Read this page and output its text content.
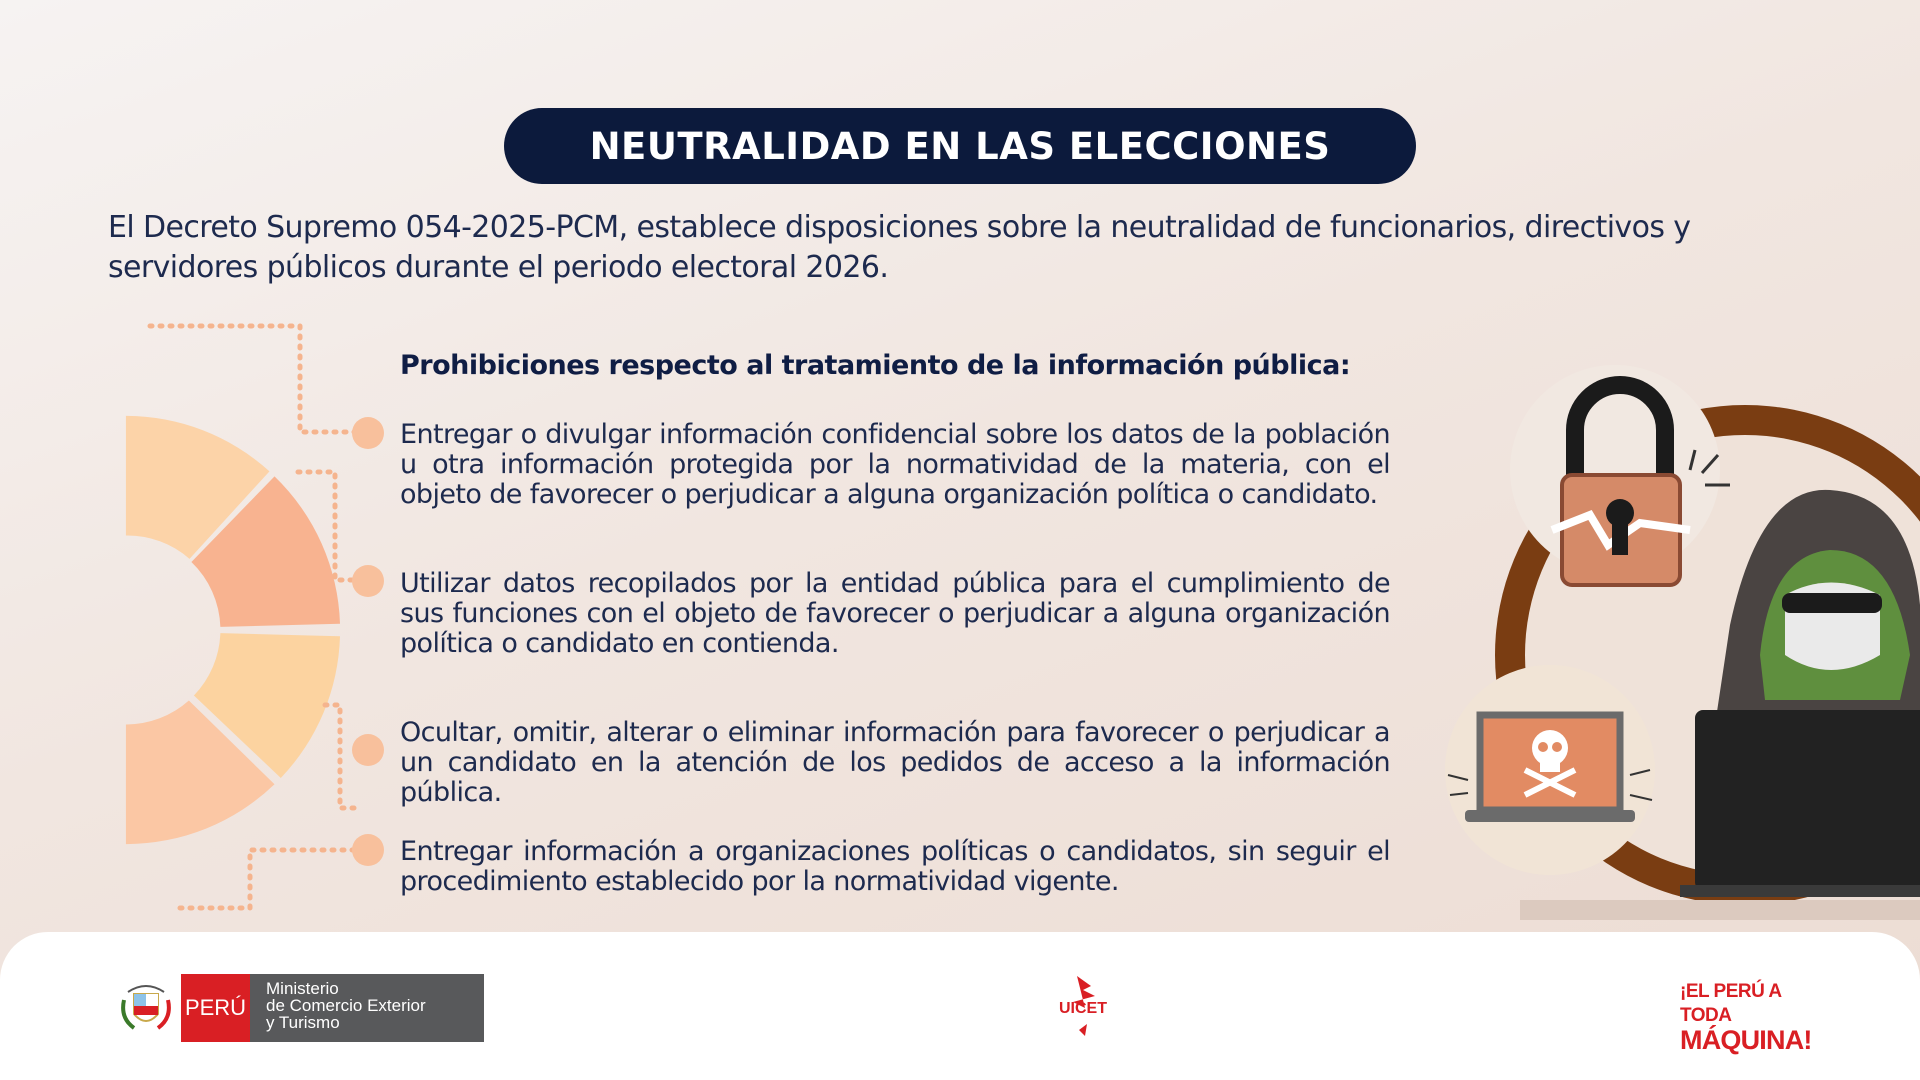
NEUTRALIDAD EN LAS ELECCIONES

El Decreto Supremo 054-2025-PCM, establece disposiciones sobre la neutralidad de funcionarios, directivos y
servidores públicos durante el periodo electoral 2026.

Prohibiciones respecto al tratamiento de la información pública:

Entregar o divulgar información confidencial sobre los datos de la población u otra información protegida por la normatividad de la materia, con el objeto de favorecer o perjudicar a alguna organización política o candidato.

Utilizar datos recopilados por la entidad pública para el cumplimiento de sus funciones con el objeto de favorecer o perjudicar a alguna organización política o candidato en contienda.

Ocultar, omitir, alterar o eliminar información para favorecer o perjudicar a un candidato en la atención de los pedidos de acceso a la información pública.

Entregar información a organizaciones políticas o candidatos, sin seguir el procedimiento establecido por la normatividad vigente.

PERÚ
Ministerio
de Comercio Exterior
y Turismo
UICET
¡EL PERÚ A TODA
MÁQUINA!
